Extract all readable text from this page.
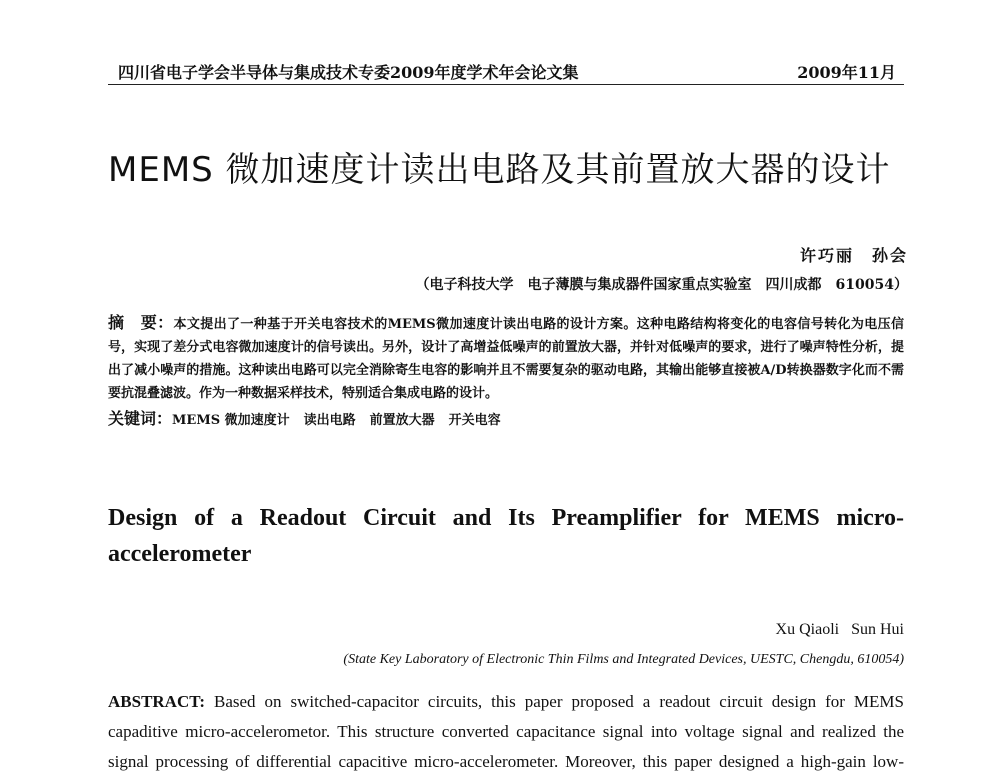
四川省电子学会半导体与集成技术专委2009年度学术年会论文集	2009年11月
MEMS 微加速度计读出电路及其前置放大器的设计
许巧丽　孙会
（电子科技大学　电子薄膜与集成器件国家重点实验室　四川成都　610054）
摘　要：本文提出了一种基于开关电容技术的MEMS微加速度计读出电路的设计方案。这种电路结构将变化的电容信号转化为电压信号，实现了差分式电容微加速度计的信号读出。另外，设计了高增益低噪声的前置放大器，并针对低噪声的要求，进行了噪声特性分析，提出了减小噪声的措施。这种读出电路可以完全消除寄生电容的影响并且不需要复杂的驱动电路，其输出能够直接被A/D转换器数字化而不需要抗混叠滤波。作为一种数据采样技术，特别适合集成电路的设计。
关键词：MEMS 微加速度计 读出电路 前置放大器 开关电容
Design of a Readout Circuit and Its Preamplifier for MEMS micro-accelerometer
Xu Qiaoli Sun Hui
(State Key Laboratory of Electronic Thin Films and Integrated Devices, UESTC, Chengdu, 610054)
ABSTRACT: Based on switched-capacitor circuits, this paper proposed a readout circuit design for MEMS capaditive micro-accelerometor. This structure converted capacitance signal into voltage signal and realized the signal processing of differential capacitive micro-accelerometer. Moreover, this paper designed a high-gain low-
